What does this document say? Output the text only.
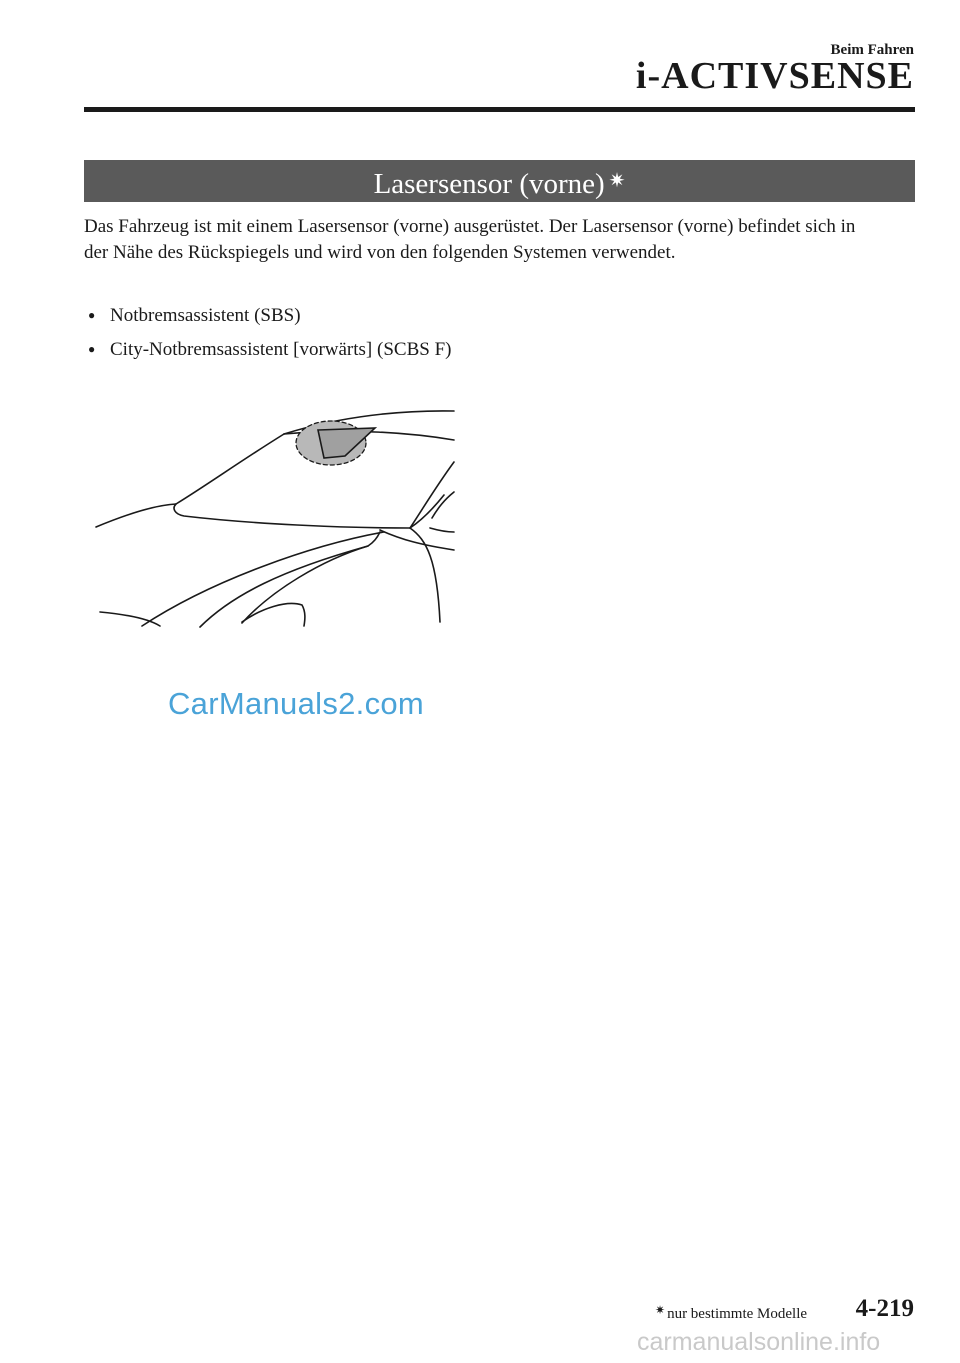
Beim Fahren
i-ACTIVSENSE
Lasersensor (vorne) ✷

Das Fahrzeug ist mit einem Lasersensor (vorne) ausgerüstet. Der Lasersensor (vorne) befindet sich in der Nähe des Rückspiegels und wird von den folgenden Systemen verwendet.

● Notbremsassistent (SBS)
● City-Notbremsassistent [vorwärts] (SCBS F)
CarManuals2.com
✷ nur bestimmte Modelle 4-219
carmanualsonline.info
